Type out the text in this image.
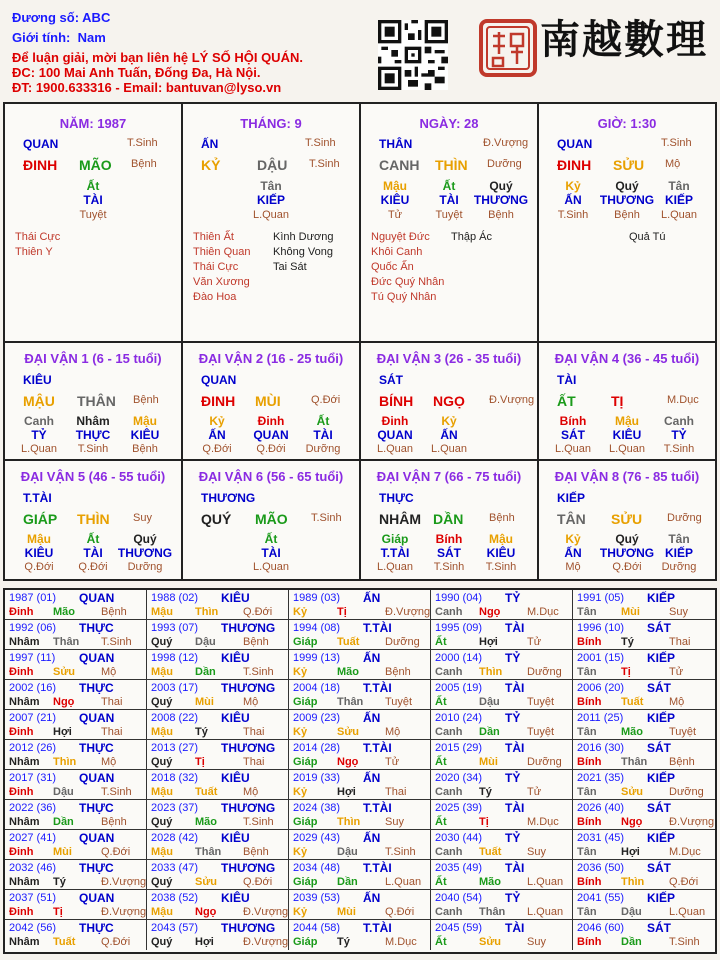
Đương số: ABC
Giới tính: Nam
Để luận giải, mời bạn liên hệ LÝ SỐ HỘI QUÁN.
ĐC: 100 Mai Anh Tuấn, Đống Đa, Hà Nội.
ĐT: 1900.633316 - Email: bantuvan@lyso.vn
南越數理
NĂM: 1987
QUAN	T.Sinh
ĐINH MÃO Bệnh
Ất
TÀI
Tuyệt
Thái Cực
Thiên Y
THÁNG: 9
ẤN	T.Sinh
KỶ	DẬU T.Sinh
Tân
KIẾP
L.Quan
Thiên Ất
Thiên Quan
Thái Cực
Văn Xương
Đào Hoa
Kình Dương
Không Vong
Tai Sát
NGÀY: 28
THÂN	Đ.Vượng
CANH THÌN Dưỡng
Mậu
KIÊU
Tử
Ất
TÀI
Tuyệt
Quý
THƯƠNG
Bệnh
Nguyệt Đức
Khôi Canh
Quốc Ấn
Đức Quý Nhân
Tú Quý Nhân
Thập Ác
GIỜ: 1:30
QUAN	T.Sinh
ĐINH SỬU Mộ
Kỷ
ẤN
T.Sinh
Quý
THƯƠNG
Bệnh
Tân
KIẾP
L.Quan
Quả Tú
ĐẠI VẬN 1 (6 - 15 tuổi)
KIÊU
MẬU THÂN Bệnh
Canh
TỶ
L.Quan
Nhâm
THỰC
T.Sinh
Mậu
KIÊU
Bệnh
ĐẠI VẬN 2 (16 - 25 tuổi)
QUAN
ĐINH MÙI	Q.Đới
Kỷ
ẤN
Q.Đới
Đinh
QUAN
Q.Đới
Ất
TÀI
Dưỡng
ĐẠI VẬN 3 (26 - 35 tuổi)
SÁT
BÍNH NGỌ Đ.Vượng
Đinh
QUAN
L.Quan
Kỷ
ẤN
L.Quan
ĐẠI VẬN 4 (36 - 45 tuổi)
TÀI
ẤT	TỊ	M.Dục
Bính
SÁT
L.Quan
Mậu
KIÊU
L.Quan
Canh
TỶ
T.Sinh
ĐẠI VẬN 5 (46 - 55 tuổi)
T.TÀI
GIÁP THÌN Suy
Mậu
KIÊU
Q.Đới
Ất
TÀI
Q.Đới
Quý
THƯƠNG
Dưỡng
ĐẠI VẬN 6 (56 - 65 tuổi)
THƯƠNG
QUÝ MÃO T.Sinh
Ất
TÀI
L.Quan
ĐẠI VẬN 7 (66 - 75 tuổi)
THỰC
NHÂM DẦN Bệnh
Giáp
T.TÀI
L.Quan
Bính
SÁT
T.Sinh
Mậu
KIÊU
T.Sinh
ĐẠI VẬN 8 (76 - 85 tuổi)
KIẾP
TÂN SỬU Dưỡng
Kỷ
ẤN
Mộ
Quý
THƯƠNG
Q.Đới
Tân
KIẾP
Dưỡng
1987 (01) QUAN
Đinh Mão Bệnh
1988 (02) KIÊU
Mậu Thìn Q.Đới
1989 (03) ẤN
Kỷ	Tị	Đ.Vượng
1990 (04) TỶ
Canh Ngọ M.Dục
1991 (05) KIẾP
Tân Mùi	Suy
1992 (06) THỰC
Nhâm Thân T.Sinh
1993 (07) THƯƠNG
Quý Dậu Bệnh
1994 (08) T.TÀI
Giáp Tuất Dưỡng
1995 (09) TÀI
Ất	Hợi	Tử
1996 (10) SÁT
Bính Tý	Thai
1997 (11) QUAN
Đinh Sửu Mộ
1998 (12) KIÊU
Mậu Dần T.Sinh
1999 (13) ẤN
Kỷ	Mão Bệnh
2000 (14) TỶ
Canh Thìn Dưỡng
2001 (15) KIẾP
Tân Tị	Tử
2002 (16) THỰC
Nhâm Ngọ Thai
2003 (17) THƯƠNG
Quý Mùi	Mộ
2004 (18) T.TÀI
Giáp Thân Tuyệt
2005 (19) TÀI
Ất	Dậu Tuyệt
2006 (20) SÁT
Bính Tuất Mộ
2007 (21) QUAN
Đinh Hợi	Thai
2008 (22) KIÊU
Mậu Tý	Thai
2009 (23) ẤN
Kỷ	Sửu Mộ
2010 (24) TỶ
Canh Dần Tuyệt
2011 (25) KIẾP
Tân Mão Tuyệt
2012 (26) THỰC
Nhâm Thìn Mộ
2013 (27) THƯƠNG
Quý Tị	Thai
2014 (28) T.TÀI
Giáp Ngọ Tử
2015 (29) TÀI
Ất	Mùi	Dưỡng
2016 (30) SÁT
Bính Thân Bệnh
2017 (31) QUAN
Đinh Dậu T.Sinh
2018 (32) KIÊU
Mậu Tuất Mộ
2019 (33) ẤN
Kỷ	Hợi	Thai
2020 (34) TỶ
Canh Tý	Tử
2021 (35) KIẾP
Tân Sửu Dưỡng
2022 (36) THỰC
Nhâm Dần Bệnh
2023 (37) THƯƠNG
Quý Mão T.Sinh
2024 (38) T.TÀI
Giáp Thìn Suy
2025 (39) TÀI
Ất	Tị	M.Dục
2026 (40) SÁT
Bính Ngọ Đ.Vượng
2027 (41) QUAN
Đinh Mùi	Q.Đới
2028 (42) KIÊU
Mậu Thân Bệnh
2029 (43) ẤN
Kỷ	Dậu T.Sinh
2030 (44) TỶ
Canh Tuất Suy
2031 (45) KIẾP
Tân Hợi	M.Dục
2032 (46) THỰC
Nhâm Tý	Đ.Vượng
2033 (47) THƯƠNG
Quý Sửu Q.Đới
2034 (48) T.TÀI
Giáp Dần L.Quan
2035 (49) TÀI
Ất	Mão L.Quan
2036 (50) SÁT
Bính Thìn Q.Đới
2037 (51) QUAN
Đinh Tị	Đ.Vượng
2038 (52) KIÊU
Mậu Ngọ Đ.Vượng
2039 (53) ẤN
Kỷ	Mùi	Q.Đới
2040 (54) TỶ
Canh Thân L.Quan
2041 (55) KIẾP
Tân Dậu L.Quan
2042 (56) THỰC
Nhâm Tuất Q.Đới
2043 (57) THƯƠNG
Quý Hợi	Đ.Vượng
2044 (58) T.TÀI
Giáp Tý	M.Dục
2045 (59) TÀI
Ất	Sửu Suy
2046 (60) SÁT
Bính Dần T.Sinh
